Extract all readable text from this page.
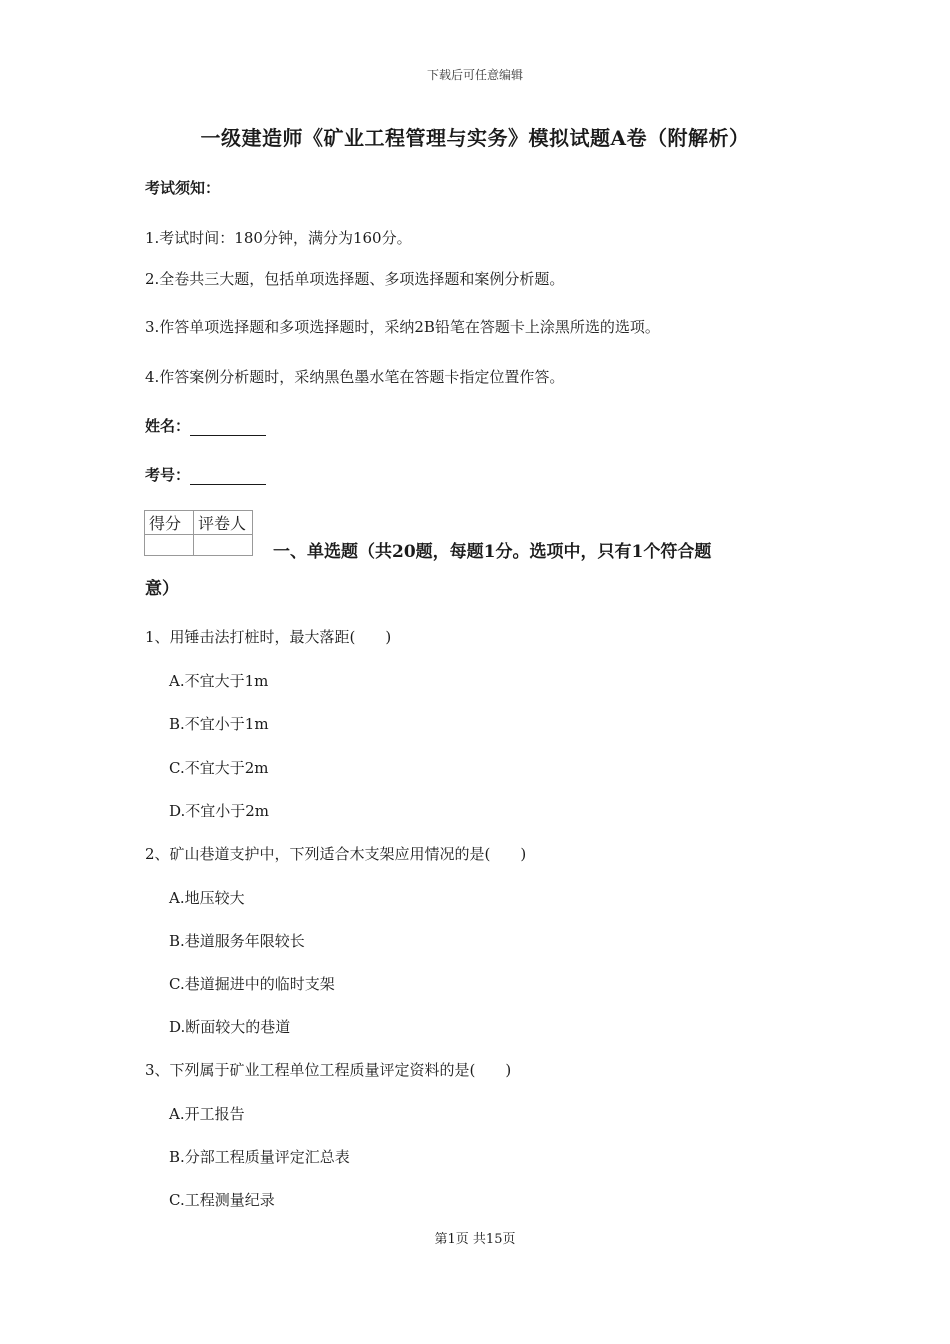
下载后可任意编辑
一级建造师《矿业工程管理与实务》模拟试题A卷（附解析）
考试须知：
1.考试时间：180分钟，满分为160分。
2.全卷共三大题，包括单项选择题、多项选择题和案例分析题。
3.作答单项选择题和多项选择题时，采纳2B铅笔在答题卡上涂黑所选的选项。
4.作答案例分析题时，采纳黑色墨水笔在答题卡指定位置作答。
姓名：
考号：
得分	评卷人

一、单选题（共20题，每题1分。选项中，只有1个符合题
意）
1、用锤击法打桩时，最大落距(　　)
A.不宜大于1m
B.不宜小于1m
C.不宜大于2m
D.不宜小于2m
2、矿山巷道支护中，下列适合木支架应用情况的是(　　)
A.地压较大
B.巷道服务年限较长
C.巷道掘进中的临时支架
D.断面较大的巷道
3、下列属于矿业工程单位工程质量评定资料的是(　　)
A.开工报告
B.分部工程质量评定汇总表
C.工程测量纪录
第1页 共15页
